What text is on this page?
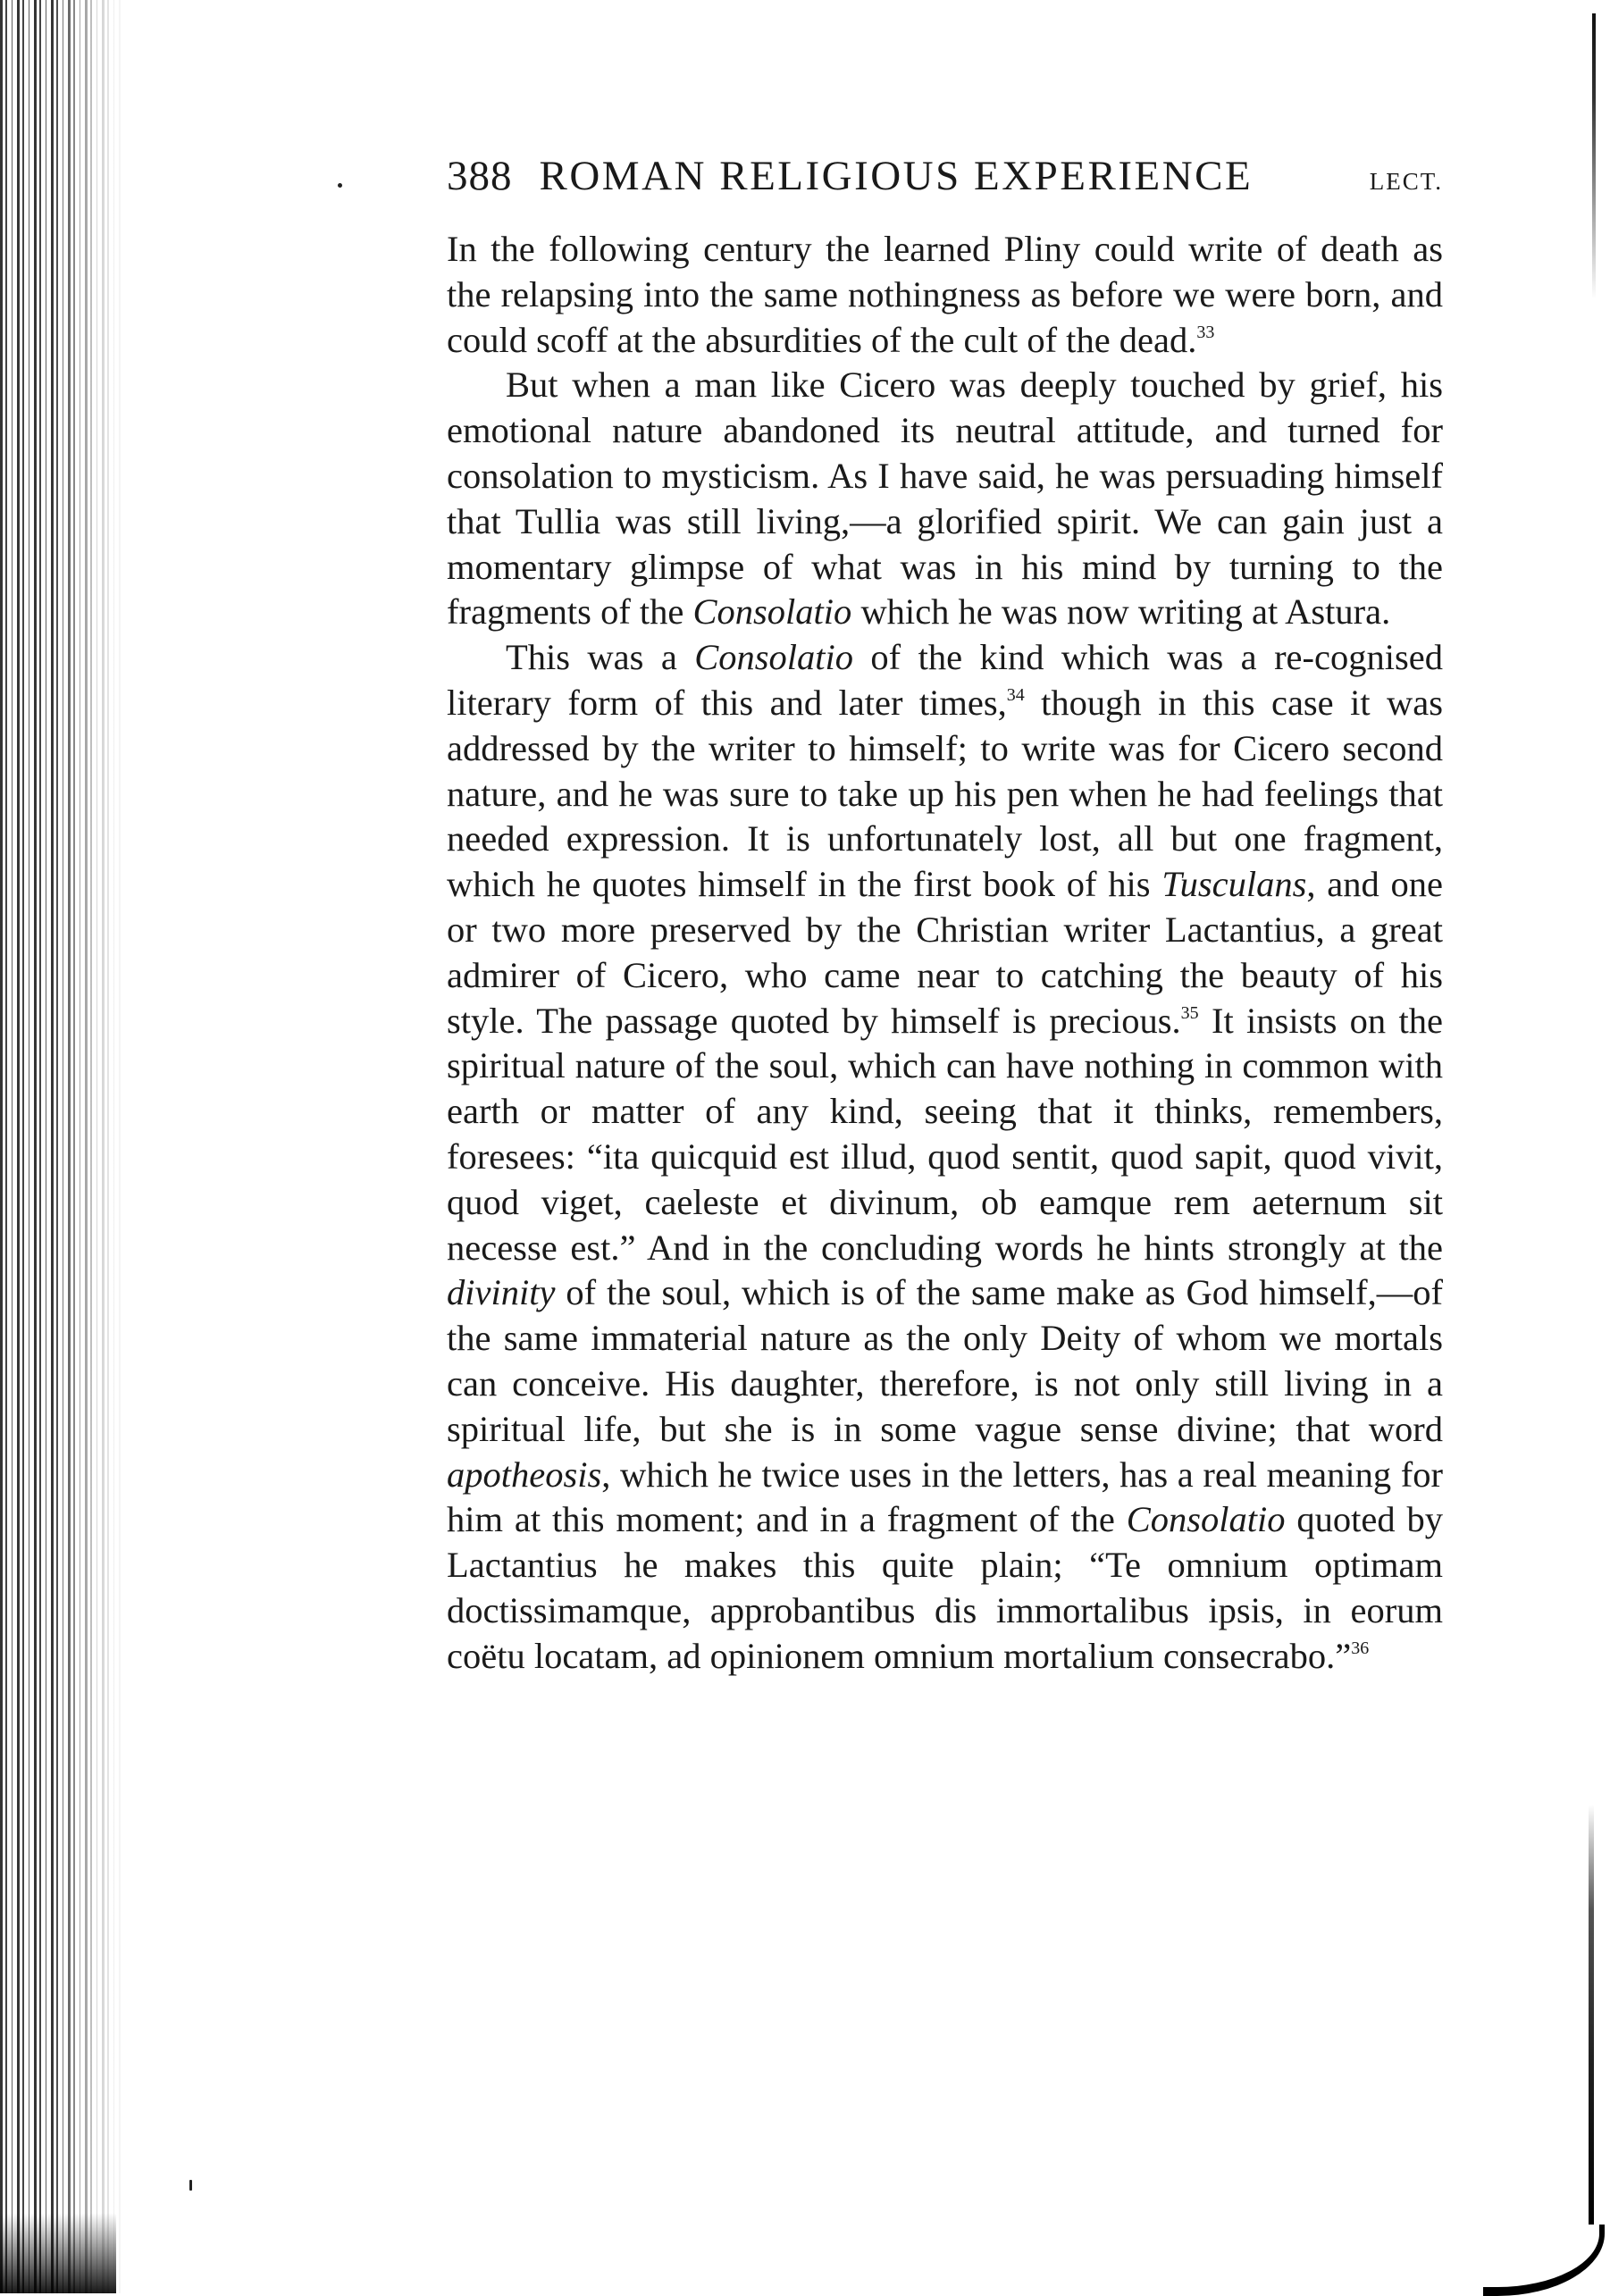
388 ROMAN RELIGIOUS EXPERIENCE	LECT.

In the following century the learned Pliny could write of death as the relapsing into the same nothingness as before we were born, and could scoff at the absurdities of the cult of the dead.$^{33}$

But when a man like Cicero was deeply touched by grief, his emotional nature abandoned its neutral attitude, and turned for consolation to mysticism. As I have said, he was persuading himself that Tullia was still living,—a glorified spirit. We can gain just a momentary glimpse of what was in his mind by turning to the fragments of the Consolatio which he was now writing at Astura.

This was a Consolatio of the kind which was a re-cognised literary form of this and later times,$^{34}$ though in this case it was addressed by the writer to himself; to write was for Cicero second nature, and he was sure to take up his pen when he had feelings that needed expression. It is unfortunately lost, all but one fragment, which he quotes himself in the first book of his Tusculans, and one or two more preserved by the Christian writer Lactantius, a great admirer of Cicero, who came near to catching the beauty of his style. The passage quoted by himself is precious.$^{35}$ It insists on the spiritual nature of the soul, which can have nothing in common with earth or matter of any kind, seeing that it thinks, remembers, foresees: “ita quicquid est illud, quod sentit, quod sapit, quod vivit, quod viget, caeleste et divinum, ob eamque rem aeternum sit necesse est.” And in the concluding words he hints strongly at the divinity of the soul, which is of the same make as God himself,—of the same immaterial nature as the only Deity of whom we mortals can conceive. His daughter, therefore, is not only still living in a spiritual life, but she is in some vague sense divine; that word apotheosis, which he twice uses in the letters, has a real meaning for him at this moment; and in a fragment of the Consolatio quoted by Lactantius he makes this quite plain; “Te omnium optimam doctissimamque, approbantibus dis immortalibus ipsis, in eorum coëtu locatam, ad opinionem omnium mortalium consecrabo.”$^{36}$
